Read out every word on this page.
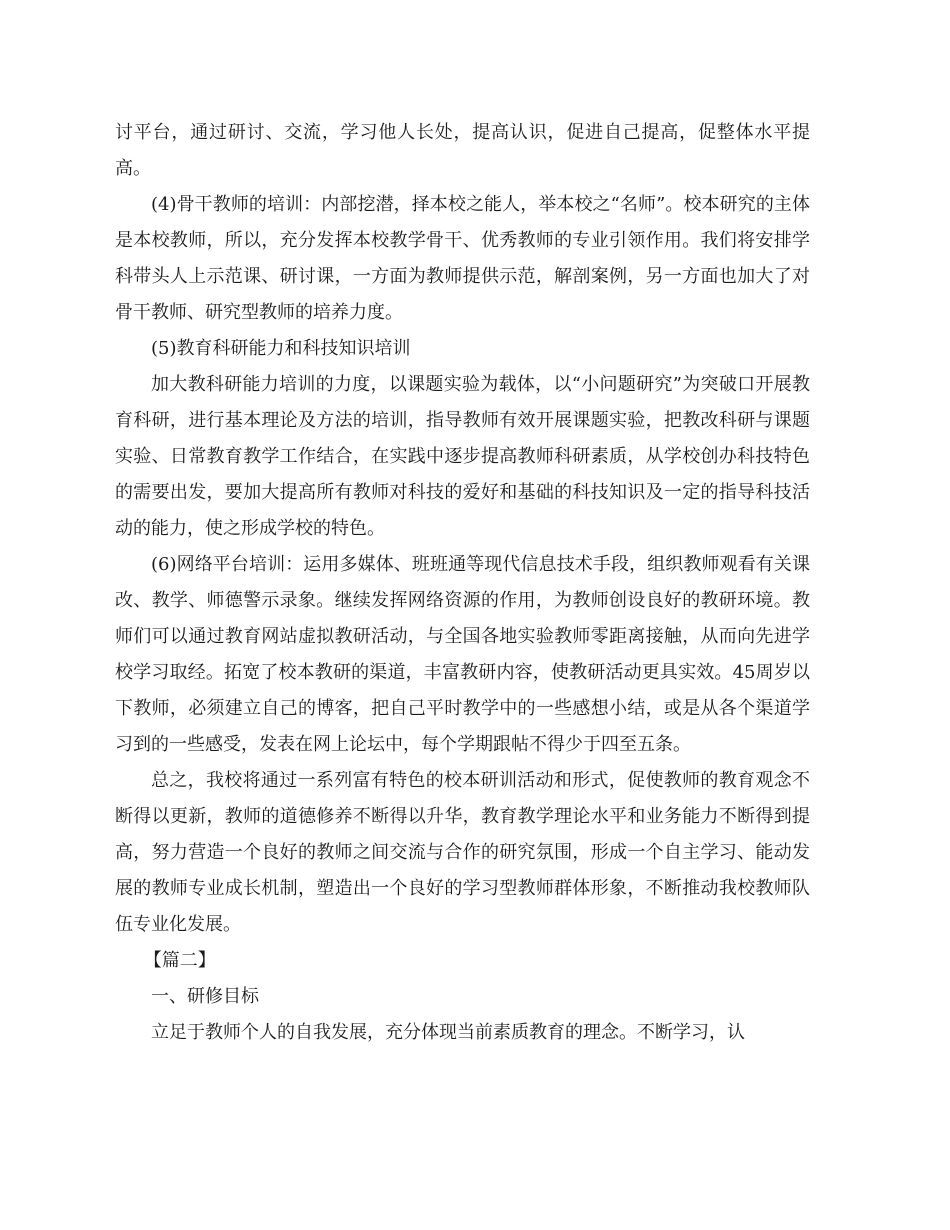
讨平台，通过研讨、交流，学习他人长处，提高认识，促进自己提高，促整体水平提高。

(4)骨干教师的培训：内部挖潜，择本校之能人，举本校之“名师”。校本研究的主体是本校教师，所以，充分发挥本校教学骨干、优秀教师的专业引领作用。我们将安排学科带头人上示范课、研讨课，一方面为教师提供示范，解剖案例，另一方面也加大了对骨干教师、研究型教师的培养力度。

(5)教育科研能力和科技知识培训

加大教科研能力培训的力度，以课题实验为载体，以“小问题研究”为突破口开展教育科研，进行基本理论及方法的培训，指导教师有效开展课题实验，把教改科研与课题实验、日常教育教学工作结合，在实践中逐步提高教师科研素质，从学校创办科技特色的需要出发，要加大提高所有教师对科技的爱好和基础的科技知识及一定的指导科技活动的能力，使之形成学校的特色。

(6)网络平台培训：运用多媒体、班班通等现代信息技术手段，组织教师观看有关课改、教学、师德警示录象。继续发挥网络资源的作用，为教师创设良好的教研环境。教师们可以通过教育网站虚拟教研活动，与全国各地实验教师零距离接触，从而向先进学校学习取经。拓宽了校本教研的渠道，丰富教研内容，使教研活动更具实效。45周岁以下教师，必须建立自己的博客，把自己平时教学中的一些感想小结，或是从各个渠道学习到的一些感受，发表在网上论坛中，每个学期跟帖不得少于四至五条。

总之，我校将通过一系列富有特色的校本研训活动和形式，促使教师的教育观念不断得以更新，教师的道德修养不断得以升华，教育教学理论水平和业务能力不断得到提高，努力营造一个良好的教师之间交流与合作的研究氛围，形成一个自主学习、能动发展的教师专业成长机制，塑造出一个良好的学习型教师群体形象，不断推动我校教师队伍专业化发展。

【篇二】

一、研修目标

立足于教师个人的自我发展，充分体现当前素质教育的理念。不断学习，认
